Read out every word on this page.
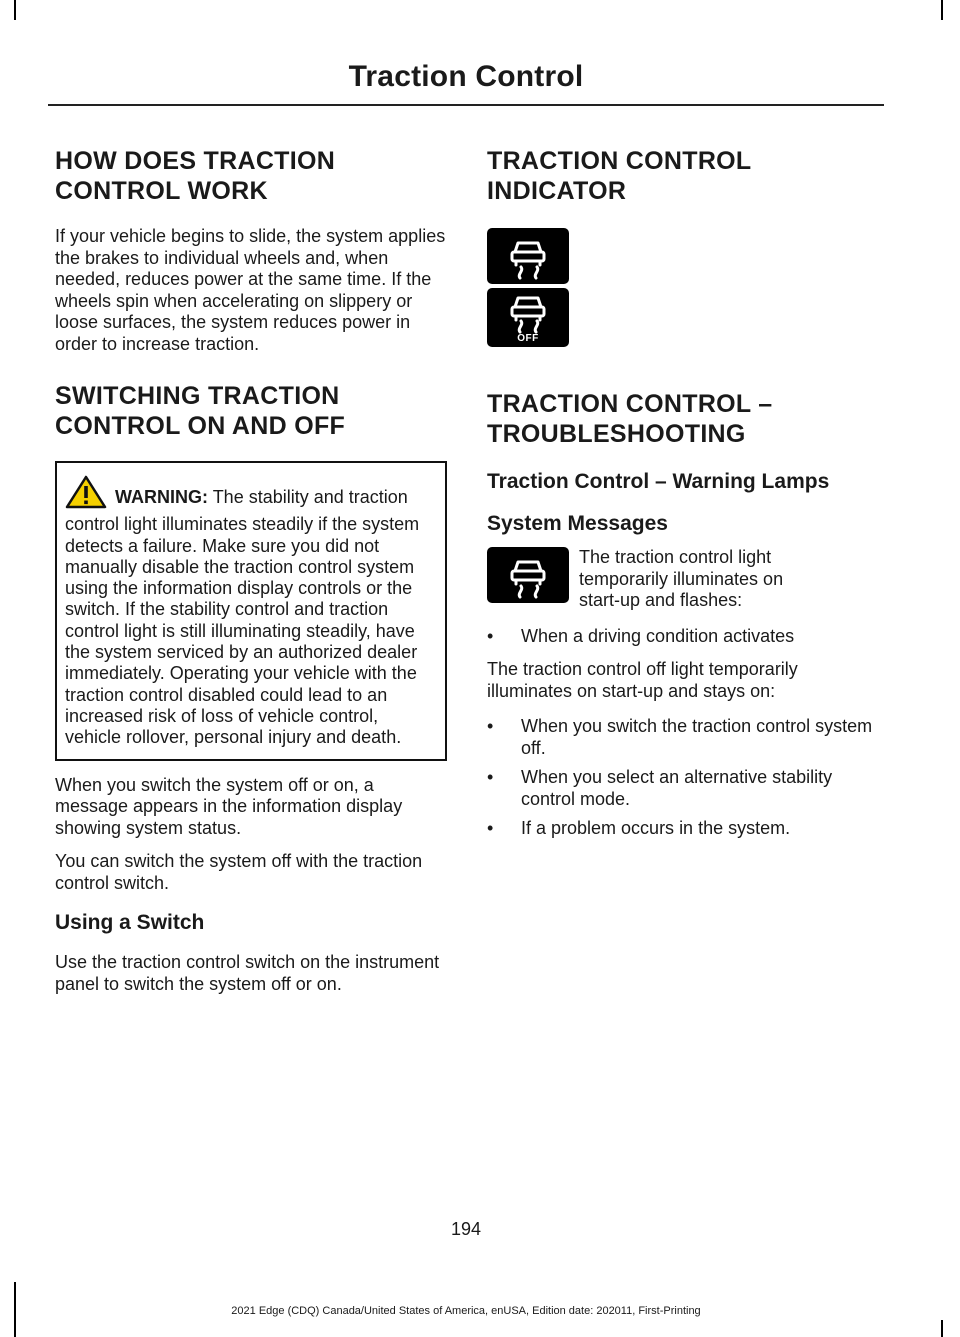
Traction Control
HOW DOES TRACTION
CONTROL WORK

If your vehicle begins to slide, the system applies the brakes to individual wheels and, when needed, reduces power at the same time. If the wheels spin when accelerating on slippery or loose surfaces, the system reduces power in order to increase traction.

SWITCHING TRACTION
CONTROL ON AND OFF
WARNING: The stability and traction control light illuminates steadily if the system detects a failure. Make sure you did not manually disable the traction control system using the information display controls or the switch. If the stability control and traction control light is still illuminating steadily, have the system serviced by an authorized dealer immediately. Operating your vehicle with the traction control disabled could lead to an increased risk of loss of vehicle control, vehicle rollover, personal injury and death.

When you switch the system off or on, a message appears in the information display showing system status.

You can switch the system off with the traction control switch.

Using a Switch

Use the traction control switch on the instrument panel to switch the system off or on.

TRACTION CONTROL
INDICATOR
OFF
TRACTION CONTROL –
TROUBLESHOOTING
Traction Control – Warning Lamps
System Messages

The traction control light temporarily illuminates on start-up and flashes:

• When a driving condition activates

The traction control off light temporarily illuminates on start-up and stays on:

• When you switch the traction control system off.
• When you select an alternative stability control mode.
• If a problem occurs in the system.
194
2021 Edge (CDQ) Canada/United States of America, enUSA, Edition date: 202011, First-Printing
